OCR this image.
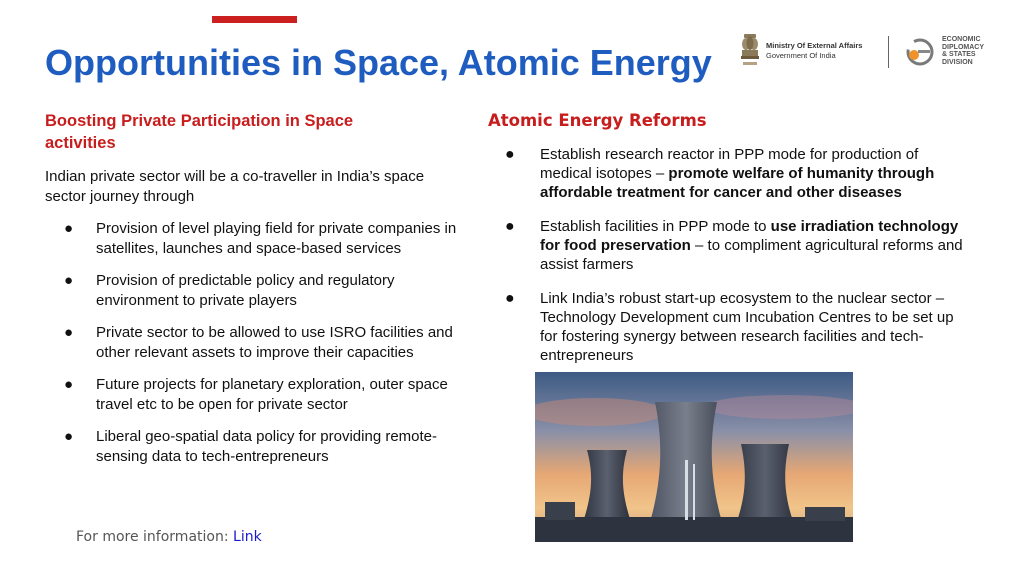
Opportunities in Space, Atomic Energy	Ministry Of External Affairs
Government Of India
ECONOMIC
DIPLOMACY
& STATES
DIVISION
Boosting Private Participation in Space activities
Indian private sector will be a co-traveller in India’s space sector journey through
● Provision of level playing field for private companies in satellites, launches and space-based services
● Provision of predictable policy and regulatory environment to private players
● Private sector to be allowed to use ISRO facilities and other relevant assets to improve their capacities
● Future projects for planetary exploration, outer space travel etc to be open for private sector
● Liberal geo-spatial data policy for providing remote-sensing data to tech-entrepreneurs
Atomic Energy Reforms
● Establish research reactor in PPP mode for production of medical isotopes – promote welfare of humanity through affordable treatment for cancer and other diseases
● Establish facilities in PPP mode to use irradiation technology for food preservation – to compliment agricultural reforms and assist farmers
● Link India’s robust start-up ecosystem to the nuclear sector – Technology Development cum Incubation Centres to be set up for fostering synergy between research facilities and tech-entrepreneurs
For more information: Link
